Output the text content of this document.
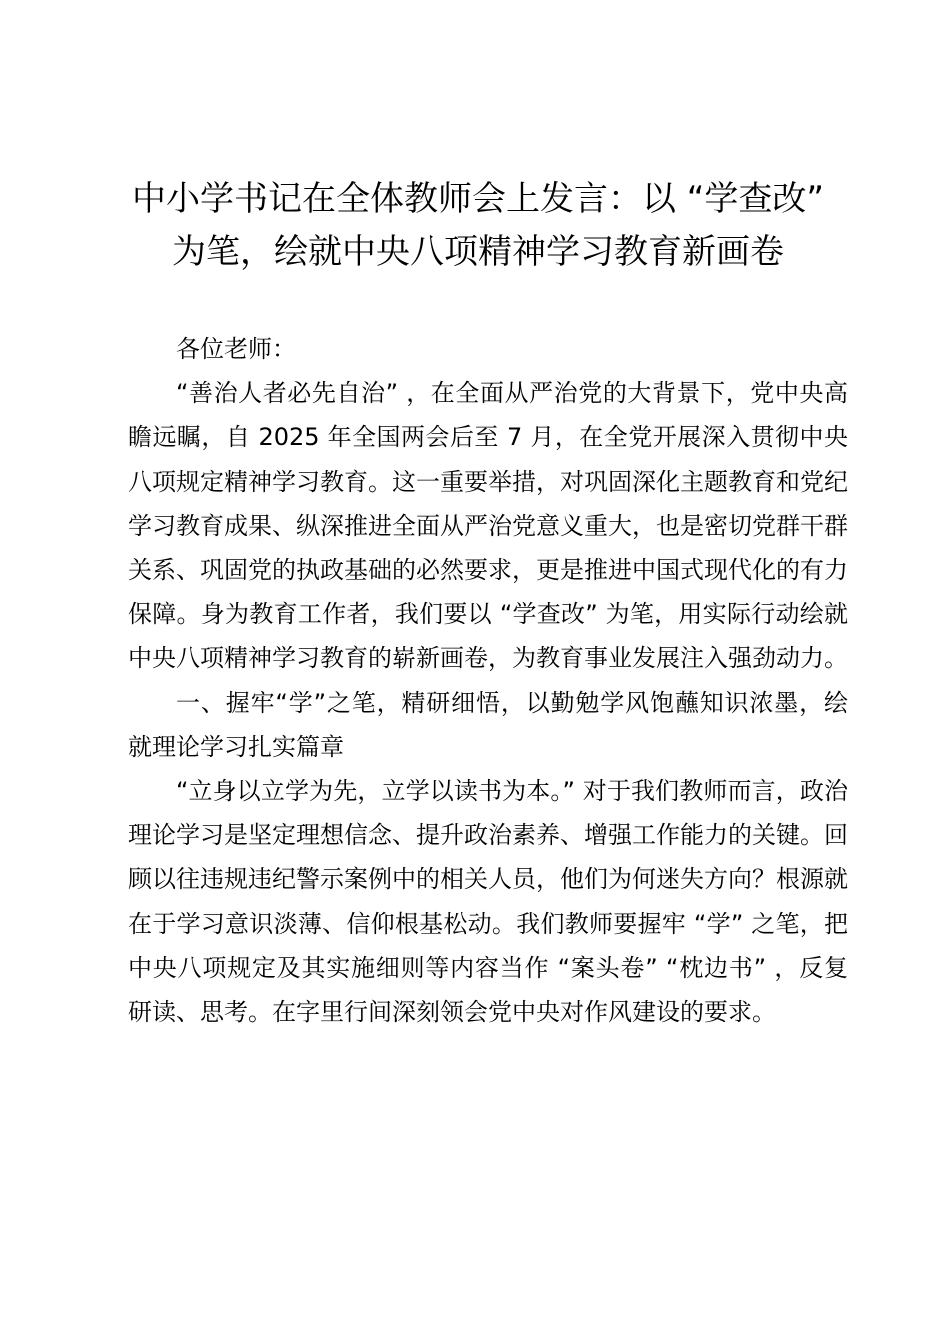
中小学书记在全体教师会上发言：以 “学查改” 为笔，绘就中央八项精神学习教育新画卷

各位老师：

“善治人者必先自治” ，在全面从严治党的大背景下，党中央高瞻远瞩，自 2025 年全国两会后至 7 月，在全党开展深入贯彻中央八项规定精神学习教育。这一重要举措，对巩固深化主题教育和党纪学习教育成果、纵深推进全面从严治党意义重大，也是密切党群干群关系、巩固党的执政基础的必然要求，更是推进中国式现代化的有力保障。身为教育工作者，我们要以 “学查改” 为笔，用实际行动绘就中央八项精神学习教育的崭新画卷，为教育事业发展注入强劲动力。

一、握牢“学”之笔，精研细悟，以勤勉学风饱蘸知识浓墨，绘就理论学习扎实篇章

“立身以立学为先，立学以读书为本。” 对于我们教师而言，政治理论学习是坚定理想信念、提升政治素养、增强工作能力的关键。回顾以往违规违纪警示案例中的相关人员，他们为何迷失方向？根源就在于学习意识淡薄、信仰根基松动。我们教师要握牢 “学” 之笔，把中央八项规定及其实施细则等内容当作 “案头卷” “枕边书” ，反复研读、思考。在字里行间深刻领会党中央对作风建设的要求。
